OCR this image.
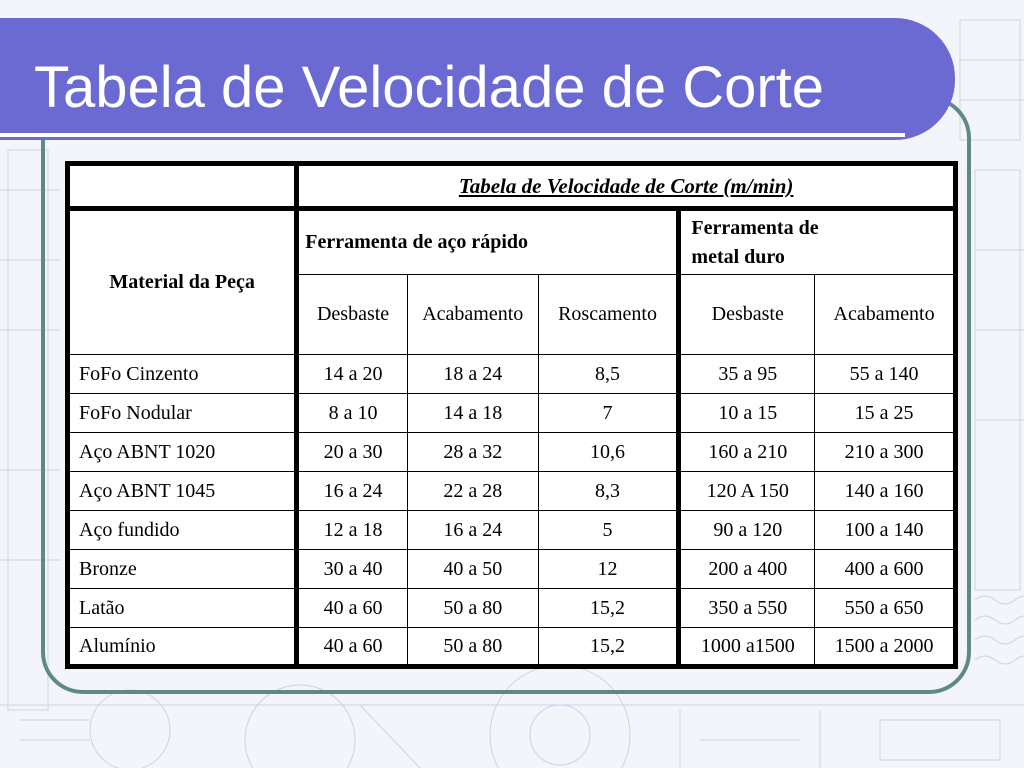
Tabela de Velocidade de Corte
	Tabela de Velocidade de Corte (m/min)				
Material da Peça	Ferramenta de aço rápido			Ferramenta de
metal duro	
	Desbaste	Acabamento	Roscamento	Desbaste	Acabamento
FoFo Cinzento	14 a 20	18 a 24	8,5	35 a 95	55 a 140
FoFo Nodular	8 a 10	14 a 18	7	10 a 15	15 a 25
Aço ABNT 1020	20 a 30	28 a 32	10,6	160 a 210	210 a 300
Aço ABNT 1045	16 a 24	22 a 28	8,3	120 A 150	140 a 160
Aço fundido	12 a 18	16 a 24	5	90 a 120	100 a 140
Bronze	30 a 40	40 a 50	12	200 a 400	400 a 600
Latão	40 a 60	50 a 80	15,2	350 a 550	550 a 650
Alumínio	40 a 60	50 a 80	15,2	1000 a1500	1500 a 2000
